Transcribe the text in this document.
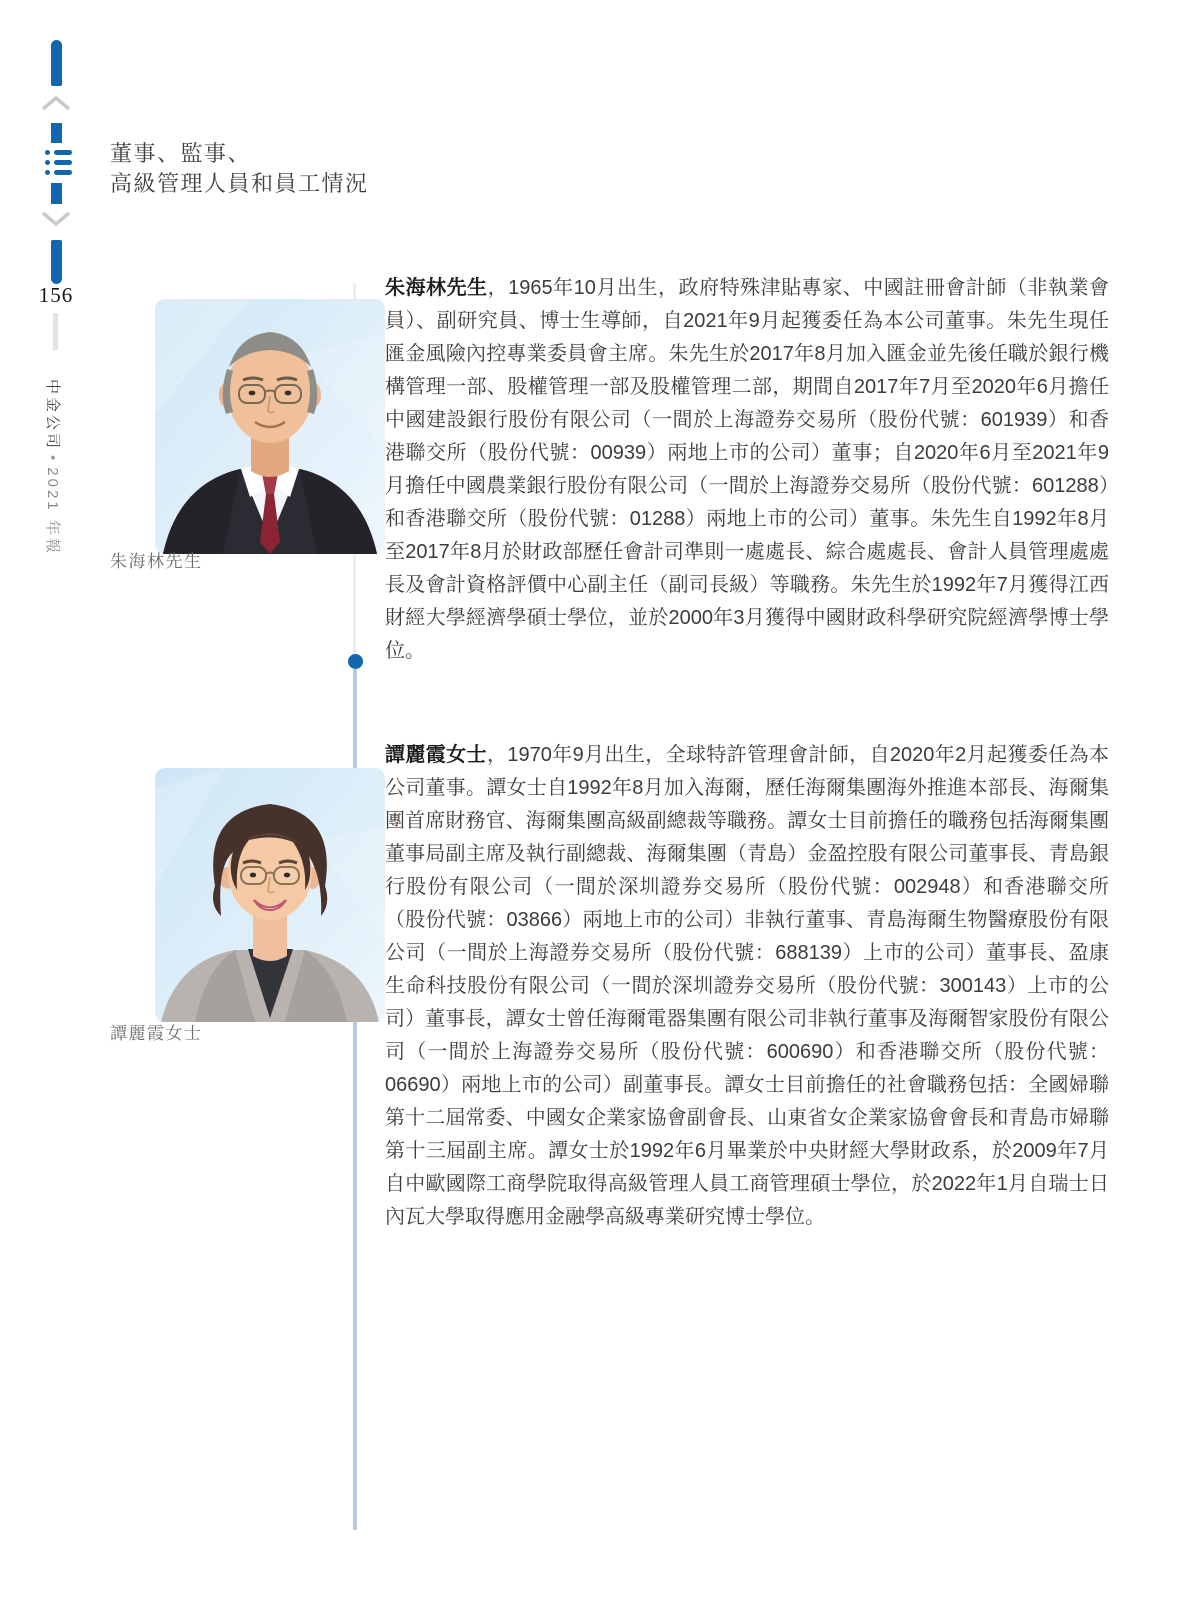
156
中金公司•2021 年報
董事、監事、
高級管理人員和員工情況
朱海林先生

朱海林先生，1965年10月出生，政府特殊津貼專家、中國註冊會計師（非執業會員）、副研究員、博士生導師，自2021年9月起獲委任為本公司董事。朱先生現任匯金風險內控專業委員會主席。朱先生於2017年8月加入匯金並先後任職於銀行機構管理一部、股權管理一部及股權管理二部，期間自2017年7月至2020年6月擔任中國建設銀行股份有限公司（一間於上海證券交易所（股份代號：601939）和香港聯交所（股份代號：00939）兩地上市的公司）董事；自2020年6月至2021年9月擔任中國農業銀行股份有限公司（一間於上海證券交易所（股份代號：601288）和香港聯交所（股份代號：01288）兩地上市的公司）董事。朱先生自1992年8月至2017年8月於財政部歷任會計司準則一處處長、綜合處處長、會計人員管理處處長及會計資格評價中心副主任（副司長級）等職務。朱先生於1992年7月獲得江西財經大學經濟學碩士學位，並於2000年3月獲得中國財政科學研究院經濟學博士學位。

譚麗霞女士

譚麗霞女士，1970年9月出生，全球特許管理會計師，自2020年2月起獲委任為本公司董事。譚女士自1992年8月加入海爾，歷任海爾集團海外推進本部長、海爾集團首席財務官、海爾集團高級副總裁等職務。譚女士目前擔任的職務包括海爾集團董事局副主席及執行副總裁、海爾集團（青島）金盈控股有限公司董事長、青島銀行股份有限公司（一間於深圳證券交易所（股份代號：002948）和香港聯交所（股份代號：03866）兩地上市的公司）非執行董事、青島海爾生物醫療股份有限公司（一間於上海證券交易所（股份代號：688139）上市的公司）董事長、盈康生命科技股份有限公司（一間於深圳證券交易所（股份代號：300143）上市的公司）董事長，譚女士曾任海爾電器集團有限公司非執行董事及海爾智家股份有限公司（一間於上海證券交易所（股份代號：600690）和香港聯交所（股份代號：06690）兩地上市的公司）副董事長。譚女士目前擔任的社會職務包括：全國婦聯第十二屆常委、中國女企業家協會副會長、山東省女企業家協會會長和青島市婦聯第十三屆副主席。譚女士於1992年6月畢業於中央財經大學財政系，於2009年7月自中歐國際工商學院取得高級管理人員工商管理碩士學位，於2022年1月自瑞士日內瓦大學取得應用金融學高級專業研究博士學位。
